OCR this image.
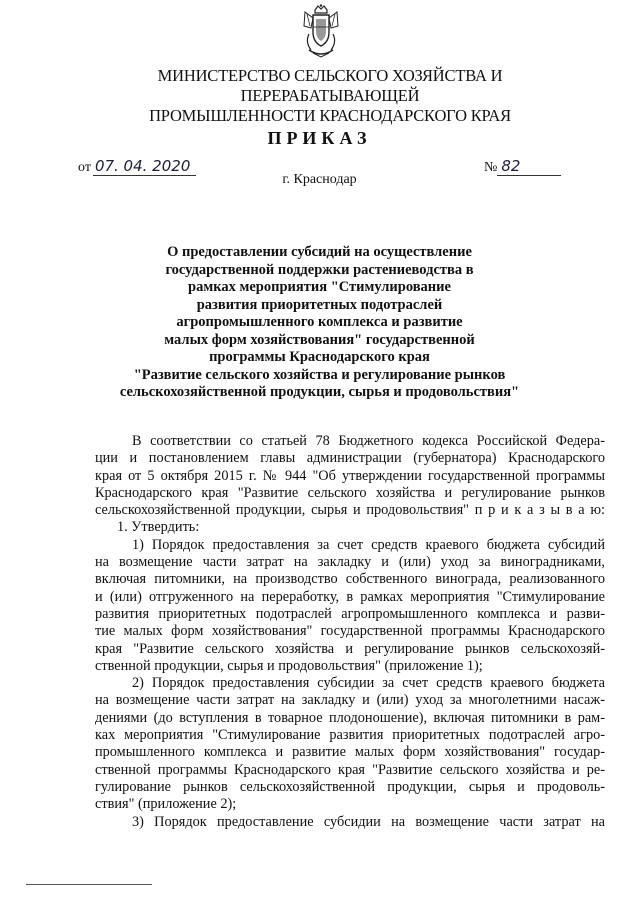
МИНИСТЕРСТВО СЕЛЬСКОГО ХОЗЯЙСТВА И ПЕРЕРАБАТЫВАЮЩЕЙ
ПРОМЫШЛЕННОСТИ КРАСНОДАРСКОГО КРАЯ
ПРИКАЗ
от 07. 04. 2020	№ 82
г. Краснодар
О предоставлении субсидий на осуществление
государственной поддержки растениеводства в
рамках мероприятия "Стимулирование
развития приоритетных подотраслей
агропромышленного комплекса и развитие
малых форм хозяйствования" государственной
программы Краснодарского края
"Развитие сельского хозяйства и регулирование рынков
сельскохозяйственной продукции, сырья и продовольствия"
В соответствии со статьей 78 Бюджетного кодекса Российской Федера-
ции и постановлением главы администрации (губернатора) Краснодарского
края от 5 октября 2015 г. № 944 "Об утверждении государственной программы
Краснодарского края "Развитие сельского хозяйства и регулирование рынков
сельскохозяйственной продукции, сырья и продовольствия" п р и к а з ы в а ю:
1. Утвердить:
1) Порядок предоставления за счет средств краевого бюджета субсидий
на возмещение части затрат на закладку и (или) уход за виноградниками,
включая питомники, на производство собственного винограда, реализованного
и (или) отгруженного на переработку, в рамках мероприятия "Стимулирование
развития приоритетных подотраслей агропромышленного комплекса и разви-
тие малых форм хозяйствования" государственной программы Краснодарского
края "Развитие сельского хозяйства и регулирование рынков сельскохозяй-
ственной продукции, сырья и продовольствия" (приложение 1);
2) Порядок предоставления субсидии за счет средств краевого бюджета
на возмещение части затрат на закладку и (или) уход за многолетними насаж-
дениями (до вступления в товарное плодоношение), включая питомники в рам-
ках мероприятия "Стимулирование развития приоритетных подотраслей агро-
промышленного комплекса и развитие малых форм хозяйствования" государ-
ственной программы Краснодарского края "Развитие сельского хозяйства и ре-
гулирование рынков сельскохозяйственной продукции, сырья и продоволь-
ствия" (приложение 2);
3) Порядок предоставление субсидии на возмещение части затрат на
